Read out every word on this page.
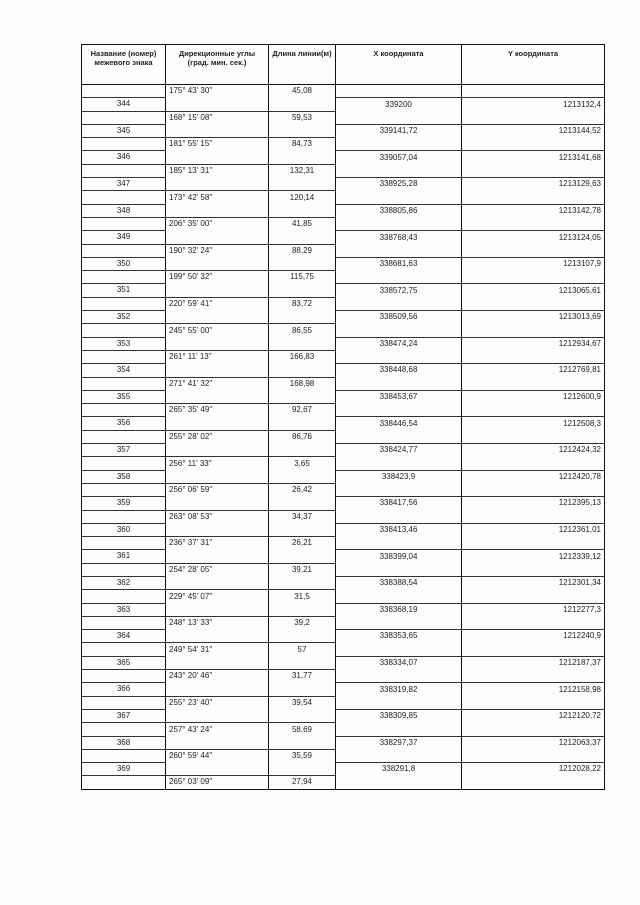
Название (номер) межевого знака	Дирекционные углы (град. мин. сек.)	Длина линии(м)	X координата	Y координата
	175° 43' 30"	45,08		
344			339200	1213132,4
	168° 15' 08"	59,53		
345			339141,72	1213144,52
	181° 55' 15"	84,73		
346			339057,04	1213141,68
	185° 13' 31"	132,31		
347			338925,28	1213129,63
	173° 42' 58"	120,14		
348			338805,86	1213142,78
	206° 35' 00"	41,85		
349			338768,43	1213124,05
	190° 32' 24"	88,29		
350			338681,63	1213107,9
	199° 50' 32"	115,75		
351			338572,75	1213065,61
	220° 59' 41"	83,72		
352			338509,56	1213013,69
	245° 55' 00"	86,55		
353			338474,24	1212934,67
	261° 11' 13"	166,83		
354			338448,68	1212769,81
	271° 41' 32"	168,98		
355			338453,67	1212600,9
	265° 35' 49"	92,67		
356			338446,54	1212508,3
	255° 28' 02"	86,76		
357			338424,77	1212424,32
	256° 11' 33"	3,65		
358			338423,9	1212420,78
	256° 06' 59"	26,42		
359			338417,56	1212395,13
	263° 08' 53"	34,37		
360			338413,46	1212361,01
	236° 37' 31"	26,21		
361			338399,04	1212339,12
	254° 28' 05"	39,21		
362			338388,54	1212301,34
	229° 45' 07"	31,5		
363			338368,19	1212277,3
	248° 13' 33"	39,2		
364			338353,65	1212240,9
	249° 54' 31"	57		
365			338334,07	1212187,37
	243° 20' 46"	31,77		
366			338319,82	1212158,98
	255° 23' 40"	39,54		
367			338309,85	1212120,72
	257° 43' 24"	58,69		
368			338297,37	1212063,37
	260° 59' 44"	35,59		
369			338291,8	1212028,22
	265° 03' 09"	27,94		
